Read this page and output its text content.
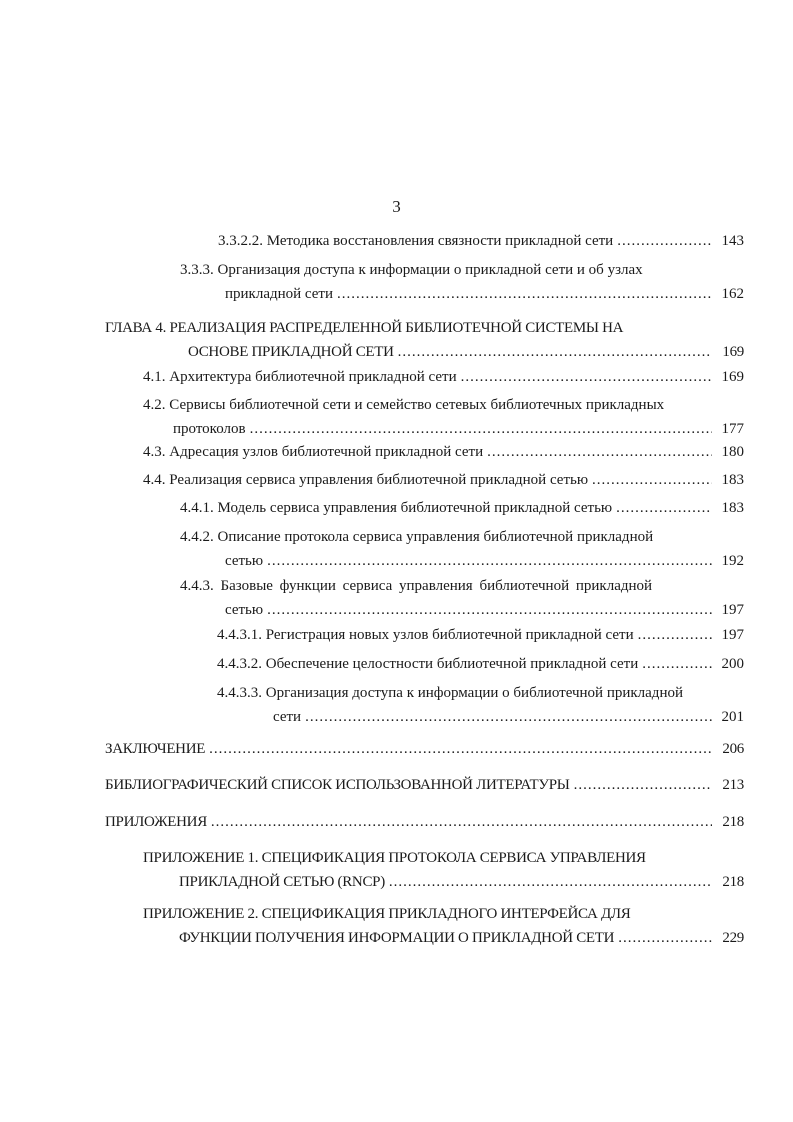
3
3.3.2.2. Методика восстановления связности прикладной сети .....	143
3.3.3. Организация доступа к информации о прикладной сети и об узлах
прикладной сети .....	162
ГЛАВА 4. РЕАЛИЗАЦИЯ РАСПРЕДЕЛЕННОЙ БИБЛИОТЕЧНОЙ СИСТЕМЫ НА
ОСНОВЕ ПРИКЛАДНОЙ СЕТИ .....	169
4.1. Архитектура библиотечной прикладной сети .....	169
4.2. Сервисы библиотечной сети и семейство сетевых библиотечных прикладных
протоколов .....	177
4.3. Адресация узлов библиотечной прикладной сети .....	180
4.4. Реализация сервиса управления библиотечной прикладной сетью .....	183
4.4.1. Модель сервиса управления библиотечной прикладной сетью .....	183
4.4.2. Описание протокола сервиса управления библиотечной прикладной
сетью .....	192
4.4.3. Базовые функции сервиса управления библиотечной прикладной
сетью .....	197
4.4.3.1. Регистрация новых узлов библиотечной прикладной сети .....	197
4.4.3.2. Обеспечение целостности библиотечной прикладной сети .....	200
4.4.3.3. Организация доступа к информации о библиотечной прикладной
сети .....	201
ЗАКЛЮЧЕНИЕ .....	206
БИБЛИОГРАФИЧЕСКИЙ СПИСОК ИСПОЛЬЗОВАННОЙ ЛИТЕРАТУРЫ .....	213
ПРИЛОЖЕНИЯ .....	218
ПРИЛОЖЕНИЕ 1. СПЕЦИФИКАЦИЯ ПРОТОКОЛА СЕРВИСА УПРАВЛЕНИЯ
ПРИКЛАДНОЙ СЕТЬЮ (RNCP) .....	218
ПРИЛОЖЕНИЕ 2. СПЕЦИФИКАЦИЯ ПРИКЛАДНОГО ИНТЕРФЕЙСА ДЛЯ
ФУНКЦИИ ПОЛУЧЕНИЯ ИНФОРМАЦИИ О ПРИКЛАДНОЙ СЕТИ .....	229
